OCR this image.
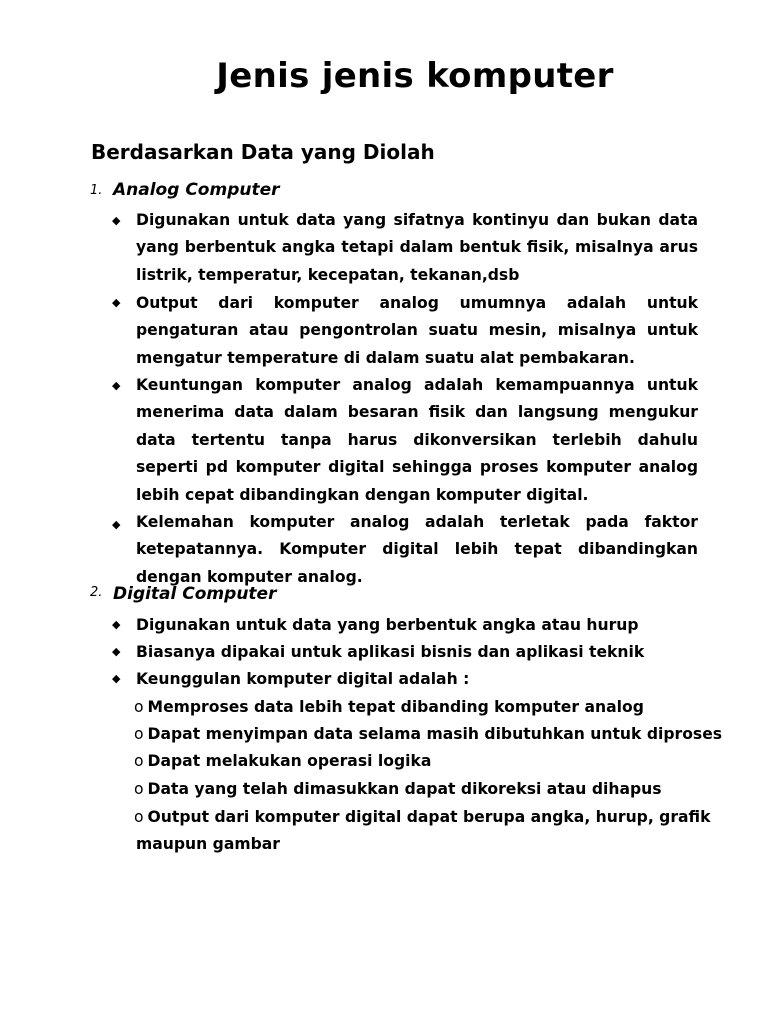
Jenis jenis komputer
Berdasarkan Data yang Diolah
1. Analog Computer
◆ Digunakan untuk data yang sifatnya kontinyu dan bukan data yang berbentuk angka tetapi dalam bentuk fisik, misalnya arus listrik, temperatur, kecepatan, tekanan,dsb
◆ Output dari komputer analog umumnya adalah untuk pengaturan atau pengontrolan suatu mesin, misalnya untuk mengatur temperature di dalam suatu alat pembakaran.
◆ Keuntungan komputer analog adalah kemampuannya untuk menerima data dalam besaran fisik dan langsung mengukur data tertentu tanpa harus dikonversikan terlebih dahulu seperti pd komputer digital sehingga proses komputer analog lebih cepat dibandingkan dengan komputer digital.
◆ Kelemahan komputer analog adalah terletak pada faktor ketepatannya. Komputer digital lebih tepat dibandingkan dengan komputer analog.
2. Digital Computer
◆ Digunakan untuk data yang berbentuk angka atau hurup
◆ Biasanya dipakai untuk aplikasi bisnis dan aplikasi teknik
◆ Keunggulan komputer digital adalah :
o Memproses data lebih tepat dibanding komputer analog
o Dapat menyimpan data selama masih dibutuhkan untuk diproses
o Dapat melakukan operasi logika
o Data yang telah dimasukkan dapat dikoreksi atau dihapus
o Output dari komputer digital dapat berupa angka, hurup, grafik
maupun gambar
